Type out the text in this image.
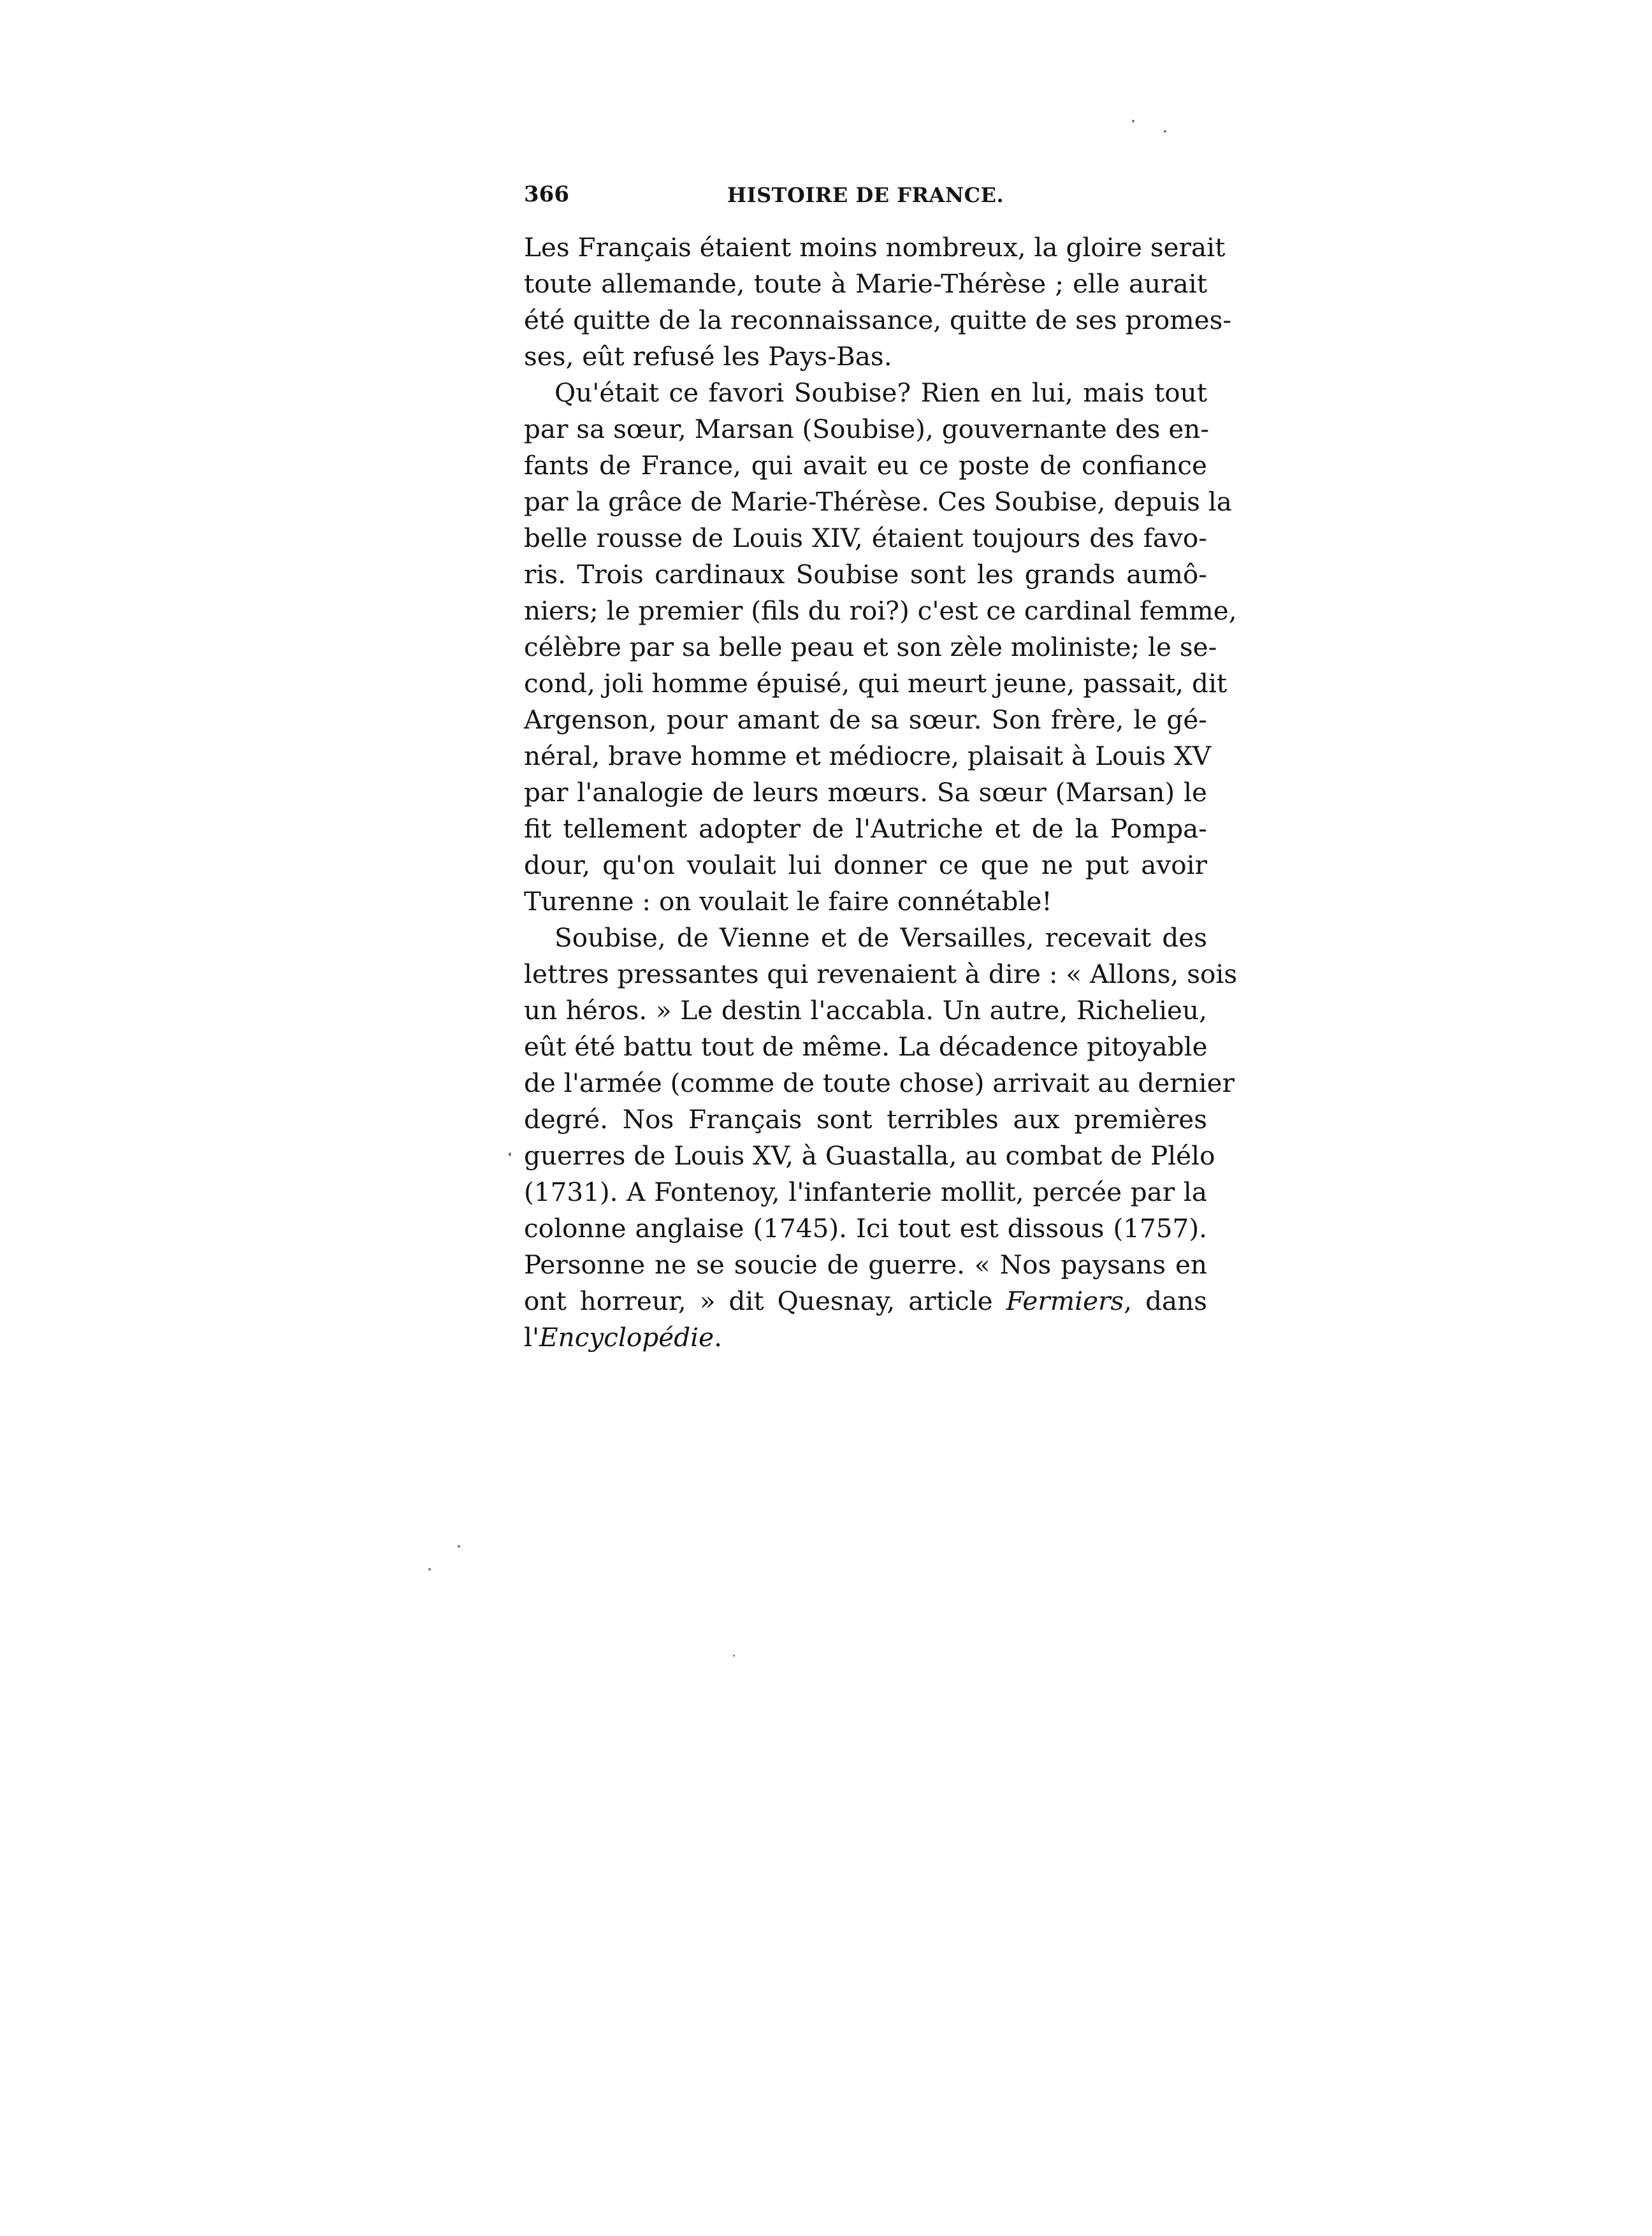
366	HISTOIRE DE FRANCE.
Les Français étaient moins nombreux, la gloire serait
toute allemande, toute à Marie-Thérèse ; elle aurait
été quitte de la reconnaissance, quitte de ses promes-
ses, eût refusé les Pays-Bas.
Qu'était ce favori Soubise? Rien en lui, mais tout
par sa sœur, Marsan (Soubise), gouvernante des en-
fants de France, qui avait eu ce poste de confiance
par la grâce de Marie-Thérèse. Ces Soubise, depuis la
belle rousse de Louis XIV, étaient toujours des favo-
ris. Trois cardinaux Soubise sont les grands aumô-
niers; le premier (fils du roi?) c'est ce cardinal femme,
célèbre par sa belle peau et son zèle moliniste; le se-
cond, joli homme épuisé, qui meurt jeune, passait, dit
Argenson, pour amant de sa sœur. Son frère, le gé-
néral, brave homme et médiocre, plaisait à Louis XV
par l'analogie de leurs mœurs. Sa sœur (Marsan) le
fit tellement adopter de l'Autriche et de la Pompa-
dour, qu'on voulait lui donner ce que ne put avoir
Turenne : on voulait le faire connétable!
Soubise, de Vienne et de Versailles, recevait des
lettres pressantes qui revenaient à dire : « Allons, sois
un héros. » Le destin l'accabla. Un autre, Richelieu,
eût été battu tout de même. La décadence pitoyable
de l'armée (comme de toute chose) arrivait au dernier
degré. Nos Français sont terribles aux premières
guerres de Louis XV, à Guastalla, au combat de Plélo
(1731). A Fontenoy, l'infanterie mollit, percée par la
colonne anglaise (1745). Ici tout est dissous (1757).
Personne ne se soucie de guerre. « Nos paysans en
ont horreur, » dit Quesnay, article Fermiers, dans
l'Encyclopédie.
